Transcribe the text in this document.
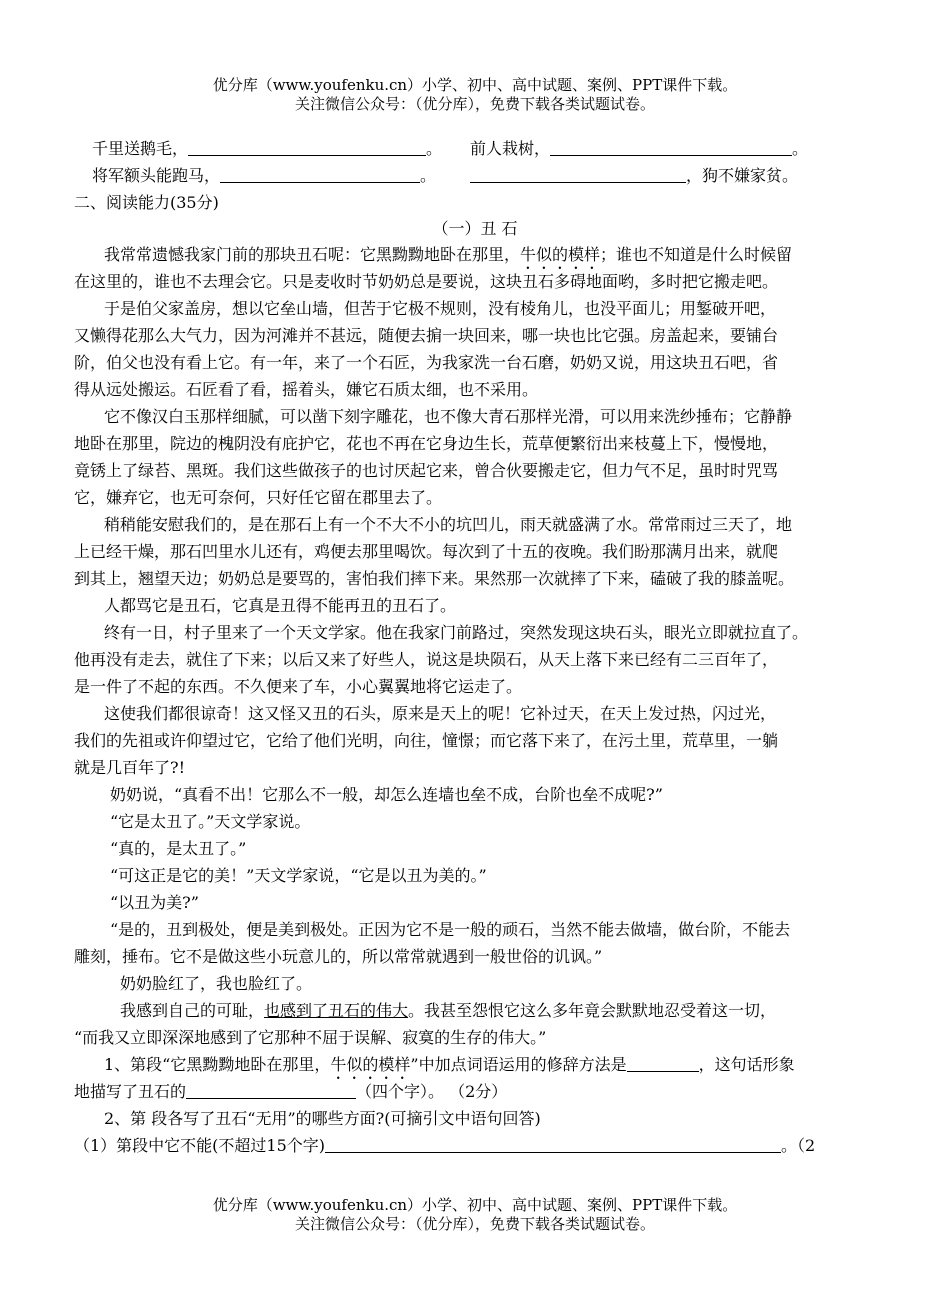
优分库（www.youfenku.cn）小学、初中、高中试题、案例、PPT课件下载。
关注微信公众号：（优分库），免费下载各类试题试卷。
千里送鹅毛，	。 前人栽树，	。
将军额头能跑马，	。	，狗不嫌家贫。
二、阅读能力(35分)
（一）丑 石
我常常遗憾我家门前的那块丑石呢：它黑黝黝地卧在那里，牛似的模样；谁也不知道是什么时候留
在这里的，谁也不去理会它。只是麦收时节奶奶总是要说，这块丑石多碍地面哟，多时把它搬走吧。
于是伯父家盖房，想以它垒山墙，但苦于它极不规则，没有棱角儿，也没平面儿；用錾破开吧，
又懒得花那么大气力，因为河滩并不甚远，随便去掮一块回来，哪一块也比它强。房盖起来，要铺台
阶，伯父也没有看上它。有一年，来了一个石匠，为我家洗一台石磨，奶奶又说，用这块丑石吧，省
得从远处搬运。石匠看了看，摇着头，嫌它石质太细，也不采用。
它不像汉白玉那样细腻，可以凿下刻字雕花，也不像大青石那样光滑，可以用来洗纱捶布；它静静
地卧在那里，院边的槐阴没有庇护它，花也不再在它身边生长，荒草便繁衍出来枝蔓上下，慢慢地，
竟锈上了绿苔、黑斑。我们这些做孩子的也讨厌起它来，曾合伙要搬走它，但力气不足，虽时时咒骂
它，嫌弃它，也无可奈何，只好任它留在郡里去了。
稍稍能安慰我们的，是在那石上有一个不大不小的坑凹儿，雨天就盛满了水。常常雨过三天了，地
上已经干燥，那石凹里水儿还有，鸡便去那里喝饮。每次到了十五的夜晚。我们盼那满月出来，就爬
到其上，翘望天边；奶奶总是要骂的，害怕我们摔下来。果然那一次就摔了下来，磕破了我的膝盖呢。
人都骂它是丑石，它真是丑得不能再丑的丑石了。
终有一日，村子里来了一个天文学家。他在我家门前路过，突然发现这块石头，眼光立即就拉直了。
他再没有走去，就住了下来；以后又来了好些人，说这是块陨石，从天上落下来已经有二三百年了，
是一件了不起的东西。不久便来了车，小心翼翼地将它运走了。
这使我们都很谅奇！这又怪又丑的石头，原来是天上的呢！它补过天，在天上发过热，闪过光，
我们的先祖或许仰望过它，它给了他们光明，向往，憧憬；而它落下来了，在污土里，荒草里，一躺
就是几百年了?!
奶奶说，“真看不出！它那么不一般，却怎么连墙也垒不成，台阶也垒不成呢?”
“它是太丑了。”天文学家说。
“真的，是太丑了。”
“可这正是它的美！”天文学家说，“它是以丑为美的。”
“以丑为美?”
“是的，丑到极处，便是美到极处。正因为它不是一般的顽石，当然不能去做墙，做台阶，不能去
雕刻，捶布。它不是做这些小玩意儿的，所以常常就遇到一般世俗的讥讽。”
奶奶脸红了，我也脸红了。
我感到自己的可耻，也感到了丑石的伟大。我甚至怨恨它这么多年竟会默默地忍受着这一切，
“而我又立即深深地感到了它那种不屈于误解、寂寞的生存的伟大。”
1、第段“它黑黝黝地卧在那里，牛似的模样”中加点词语运用的修辞方法是	，这句话形象
地描写了丑石的	（四个字）。 （2分）
2、第 段各写了丑石“无用”的哪些方面?(可摘引文中语句回答)
（1）第段中它不能(不超过15个字)	。（2
优分库（www.youfenku.cn）小学、初中、高中试题、案例、PPT课件下载。
关注微信公众号：（优分库），免费下载各类试题试卷。
